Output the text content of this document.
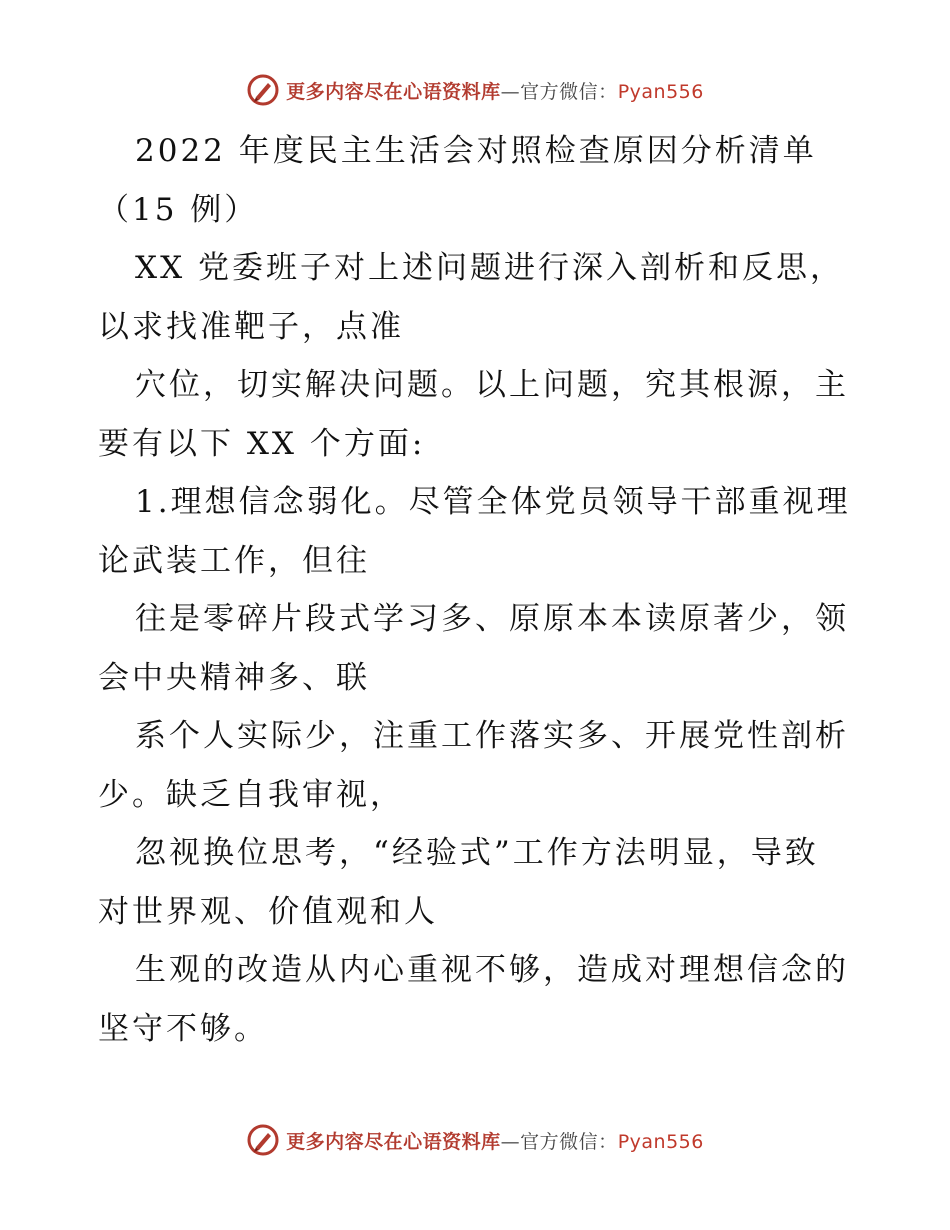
更多内容尽在心语资料库—官方微信：Pyan556
2022 年度民主生活会对照检查原因分析清单
（15 例）
XX 党委班子对上述问题进行深入剖析和反思，
以求找准靶子，点准
穴位，切实解决问题。以上问题，究其根源，主
要有以下 XX 个方面:
1.理想信念弱化。尽管全体党员领导干部重视理
论武装工作，但往
往是零碎片段式学习多、原原本本读原著少，领
会中央精神多、联
系个人实际少，注重工作落实多、开展党性剖析
少。缺乏自我审视，
忽视换位思考，“经验式”工作方法明显，导致
对世界观、价值观和人
生观的改造从内心重视不够，造成对理想信念的
坚守不够。
更多内容尽在心语资料库—官方微信：Pyan556
